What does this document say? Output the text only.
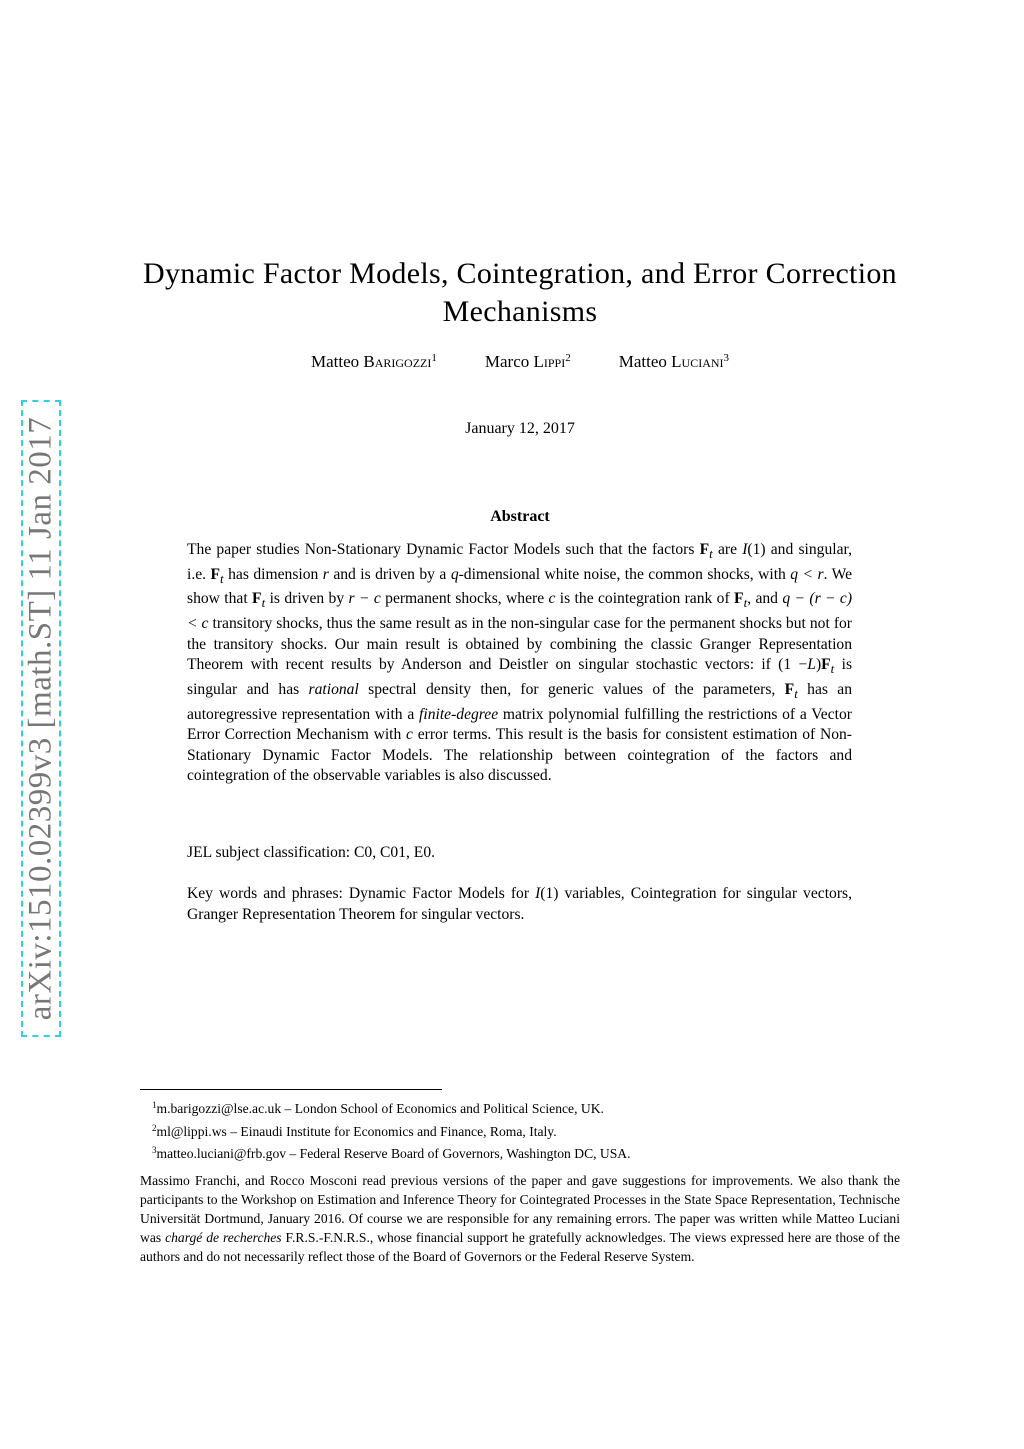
arXiv:1510.02399v3 [math.ST] 11 Jan 2017
Dynamic Factor Models, Cointegration, and Error Correction Mechanisms
Matteo Barigozzi$^1$	Marco Lippi$^2$	Matteo Luciani$^3$
January 12, 2017
Abstract

The paper studies Non-Stationary Dynamic Factor Models such that the factors $F_t$ are I(1) and singular, i.e. $F_t$ has dimension r and is driven by a q-dimensional white noise, the common shocks, with q < r. We show that $F_t$ is driven by r − c permanent shocks, where c is the cointegration rank of $F_t$, and q − (r − c) < c transitory shocks, thus the same result as in the non-singular case for the permanent shocks but not for the transitory shocks. Our main result is obtained by combining the classic Granger Representation Theorem with recent results by Anderson and Deistler on singular stochastic vectors: if $(1 -L)F_t$ is singular and has rational spectral density then, for generic values of the parameters, $F_t$ has an autoregressive representation with a finite-degree matrix polynomial fulfilling the restrictions of a Vector Error Correction Mechanism with c error terms. This result is the basis for consistent estimation of Non-Stationary Dynamic Factor Models. The relationship between cointegration of the factors and cointegration of the observable variables is also discussed.

JEL subject classification: C0, C01, E0.

Key words and phrases: Dynamic Factor Models for I(1) variables, Cointegration for singular vectors, Granger Representation Theorem for singular vectors.

$^1$m.barigozzi@lse.ac.uk – London School of Economics and Political Science, UK.
$^2$ml@lippi.ws – Einaudi Institute for Economics and Finance, Roma, Italy.
$^3$matteo.luciani@frb.gov – Federal Reserve Board of Governors, Washington DC, USA.

Massimo Franchi, and Rocco Mosconi read previous versions of the paper and gave suggestions for improvements. We also thank the participants to the Workshop on Estimation and Inference Theory for Cointegrated Processes in the State Space Representation, Technische Universität Dortmund, January 2016. Of course we are responsible for any remaining errors. The paper was written while Matteo Luciani was chargé de recherches F.R.S.-F.N.R.S., whose financial support he gratefully acknowledges. The views expressed here are those of the authors and do not necessarily reflect those of the Board of Governors or the Federal Reserve System.
